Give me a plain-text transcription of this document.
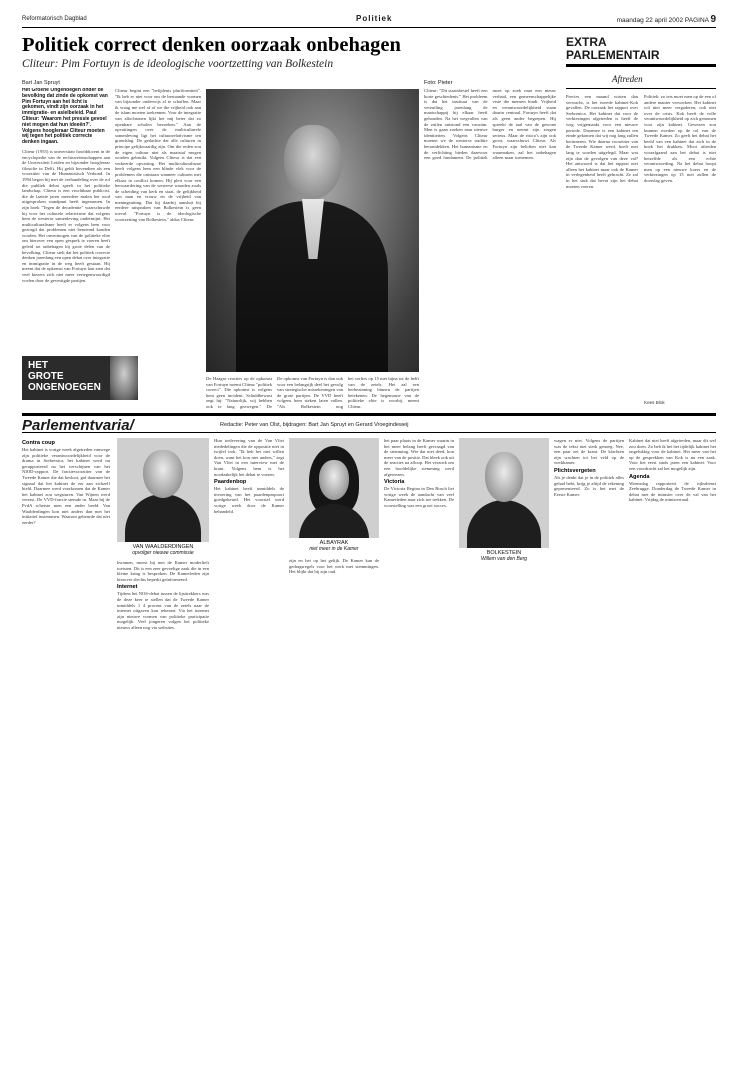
Reformatorisch Dagblad	Politiek	maandag 22 april 2002 PAGINA 9
Politiek correct denken oorzaak onbehagen
Cliteur: Pim Fortuyn is de ideologische voortzetting van Bolkestein
Bart Jan Spruyt
Het Groene Ongenoegen onder de bevolking dat zinde de opkomst van Pim Fortuyn aan het licht is gekomen, vindt zijn oorzaak in het immigratie- en asielbeleid. Paul Cliteur: 'Waarom het pressie gevoel niet mogen dat hun ideeën?'. Volgens hoogleraar Cliteur moeten wij tegen het politiek correcte denken ingaan.
Cliteur (1955) is universitair hoofddocent in de encyclopedie van de rechtswetenschappen aan de Universiteit Leiden en bijzonder hoogleraar filosofie in Delft. Hij geldt bovendien als een voorzitter van de Humanistisch Verbond. In 1994 begon hij met de verhandeling over de rol die publiek debat speelt in het politieke landschap. Cliteur is een vruchtbaar publicist, die de laatste jaren meerdere malen het rood uitgesproken standpunt heeft ingenomen. In zijn boek "Tegen de decadentie" waarschuwde hij voor het culturele relativisme dat volgens hem de westerse samenleving ondermijnt. Het multiculturalisme heeft er volgens hem voor gezorgd dat problemen niet benoemd konden worden. Het onvermogen van de politieke elite om hierover een open gesprek te voeren heeft geleid tot onbehagen bij grote delen van de bevolking. Cliteur stelt dat het politiek correcte denken jarenlang een open debat over integratie en immigratie in de weg heeft gestaan. Hij meent dat de opkomst van Fortuyn laat zien dat veel kiezers zich niet meer vertegenwoordigd voelen door de gevestigde partijen.
Cliteur begint een "belijdenis pluriformiteit". "Ik heb er niet voor om de bestaande vormen van bijzonder onderwijs af te schaffen. Maar ik vraag me wel af of we die vrijheid ook aan de islam moeten toekennen. Voor de integratie van allochtonen lijkt het mij beter dat zo openbare scholen bezoeken." Aan de opvattingen over de multiculturele samenleving ligt het cultuurrelativisme ten grondslag. De gedachte dat alle culturen in principe gelijkwaardig zijn. Om die reden zou de eigen cultuur niet als maatstaf mogen worden gebruikt. Volgens Cliteur is dat een verkeerde opvatting. Het multiculturalisme heeft volgens hem een blinde vlek voor de problemen die ontstaan wanneer culturen met elkaar in conflict komen. Hij pleit voor een herwaardering van de westerse waarden zoals de scheiding van kerk en staat, de gelijkheid van man en vrouw en de vrijheid van meningsuiting. Dat hij daarbij aansluit bij eerdere uitspraken van Bolkestein is geen toeval. "Fortuyn is de ideologische voortzetting van Bolkestein," aldus Cliteur.
De Haagse reacties op de opkomst van Fortuyn noemt Cliteur "politiek correct". Die opkomst is volgens hem geen incident. Schuldbewust zegt hij: "Natuurlijk, wij hebben ook te lang gezwegen." De
De opkomst van Fortuyn is dan ook voor een belangrijk deel het gevolg van strategische misrekeningen van de grote partijen. De VVD heeft volgens hem steken laten vallen. "Als Bolkestein nog
het verlies op 15 mei bijna tot de helft van de zetels. Het zal een herbezinning binnen de partijen betekenen. De hegemonie van de politieke elite is voorbij, meent Cliteur.
Cliteur: "Dit staatsbestel heeft een korte geschiedenis." Het probleem is dat het instituut van de verzuiling jarenlang de maatschappij bij elkaar heeft gehouden. Na het wegvallen van de zuilen ontstond een vacuüm. Men is gaan zoeken naar nieuwe identiteiten. Volgens Cliteur moeten we de westerse traditie herontdekken. Het humanisme en de verlichting bieden daarvoor een goed fundament. De politiek moet op zoek naar een nieuw verhaal, een gemeenschappelijke visie die mensen bindt. Vrijheid en verantwoordelijkheid staan daarin centraal. Fortuyn heeft dat als geen ander begrepen. Hij spreekt de taal van de gewone burger en neemt zijn zorgen serieus. Maar de risico's zijn ook groot, waarschuwt Cliteur. Als Fortuyn zijn beloften niet kan waarmaken, zal het onbehagen alleen maar toenemen.
Foto: Pieter
HET
GROTE
ONGENOEGEN
EXTRA
PARLEMENTAIR
Aftreden
Precies een maand wisten dan verwacht, is het tweede kabinet-Kok gevallen. De oorzaak het rapport over Srebrenica. Het kabinet dat voor de verkiezingen afgetreden is heeft de weg vrijgemaakt voor een nieuwe periode. Daarmee is een kabinet ten einde gekomen dat wij nog lang zullen herinneren. Wie daarna voorzitter van de Tweede Kamer werd, hoeft niet lang te worden uitgelegd. Maar wat zijn dan de gevolgen van deze val? Het antwoord is dat het rapport niet alleen het kabinet maar ook de Kamer in verlegenheid heeft gebracht. Ze zal in het stuk dat bevat zijn het debat moeten voeren.
Politiek: zo iets moet men op de een of andere manier verwerken. Het kabinet wil niet meer vergaderen, ook niet over de crisis. Kok heeft de volle verantwoordelijkheid op zich genomen voor zijn kabinet. Gewezen zou kunnen worden op de rol van de Tweede Kamer. Zo geeft het debat het beeld van een kabinet dat zich in de hoek liet drukken. Mooi aftreden voorafgaand aan het debat is niet hetzelfde als een echte verantwoording. Na het debat hoopt men op een nieuwe koers en de verkiezingen op 15 mei zullen de doorslag geven.
Kees Blok
Parlementvaria/	Redactie: Peter van Olst, bijdragen: Bart Jan Spruyt en Gerard Vroegindeweij
Contra coup
Het kabinet is vorige week afgetreden vanwege zijn politieke verantwoordelijkheid voor de drama in Srebrenica, het kabinet werd nu gerapporteerd na het verschijnen van het NIOD-rapport. De fractievoorzitter van de Tweede Kamer die dat besloot, gaf daarmee het signaal dat het kabinet de eer aan zichzelf hield. Daarmee werd voorkomen dat de Kamer het kabinet zou wegsturen. Van Wijnen werd verrast. De VVD-fractie stemde in. Maar bij de PvdA schetste men een ander beeld. Van Waalderdingen kon niet anders dan met het initiatief instemmen. Waarom gebeurde dat niet eerder?
VAN WAALDERDINGEN
opvolger nieuwe commissie
kwamen, moest hij met de Kamer moderlieft toetsten. Dit is een zeer gevoelige zaak die in een kleine kring is besproken. De Kamerleden zijn hierover slechts beperkt geïnformeerd.
Internet
Tijdens het NOS-debat tussen de lijsttrekkers was de deze keer te stellen dat de Tweede Kamer inmiddels 1 4 procent van de zetels naar de internet uitgaven kon rekenen. Via het internet zijn nieuwe vormen van politieke participatie mogelijk. Veel jongeren volgen het politieke nieuws alleen nog via websites.
Hun toelevering van de Van Vliet mededelingen die de oppositie niet in twijfel trok. "Ik heb het niet willen doen, want het kon niet anders," zegt Van Vliet in een interview met de krant. Volgens hem is het noodzakelijk het debat te voeren.
Paardenbop
Het kabinet heeft inmiddels de invoering van het paardenpaspoort goedgekeurd. Het voorstel werd vorige week door de Kamer behandeld.
ALBAYRAK
niet meer in de Kamer
zijn en het op het gelijk. De Kamer kan de gedragsregels voor het werk met stemmingen. Het blijkt dat hij zijn oud.
het paar plaats in de Kamer waarin in het meer belang heeft gevraagd van de stemming. Wie dat niet deed, kon meer van de positie. Dat bleek ook uit de reacties na afloop. Het verzoek om een hoofdelijke stemming werd afgewezen.
Victoria
De Victoria Regina in Den Bosch liet vorige week de aandacht van veel Kamerleden naar zich toe trekken. De voorstelling was een groot succes.
BOLKESTEIN
Willem van den Berg
wagen er niet. Volgens de partijen was de tekst niet sterk genoeg. Nee, een paar zei de krant. De klachten zijn wachten tot het veld op de werkkamer.
Plichtsvergeten
Als je denkt dat je in de politiek alles gehad hebt, krijg je altijd de rekening gepresenteerd. Zo is het met de Eerste Kamer.
Kabinet dat niet heeft afgetreden, maar dit wel zou doen. Zo heb ik het het tijdelijk kabinet het ongelukkig voor de kabinet. Het meer van het op de gesprekken van Kok is nu een zaak. Voor het eerst sinds jaren een kabinet. Voor een voordracht zal het mogelijk zijn.
Agenda
Woensdag rapporteert de rijksdienst Zeebrugge. Donderdag de Tweede Kamer in debat met de minister over de val van het kabinet. Vrijdag de ministerraad.
